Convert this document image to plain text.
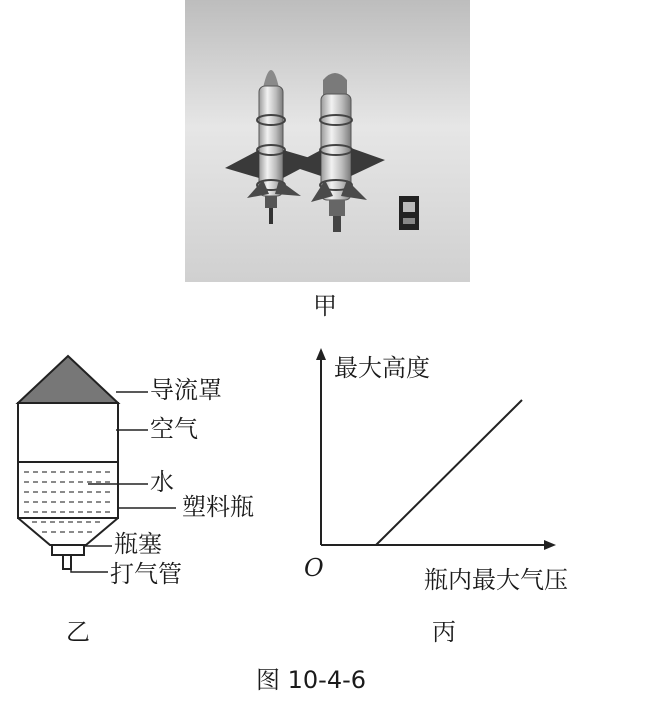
甲
导流罩
空气
水
塑料瓶
瓶塞
打气管
最大高度
瓶内最大气压
O
乙	丙
图 10-4-6
